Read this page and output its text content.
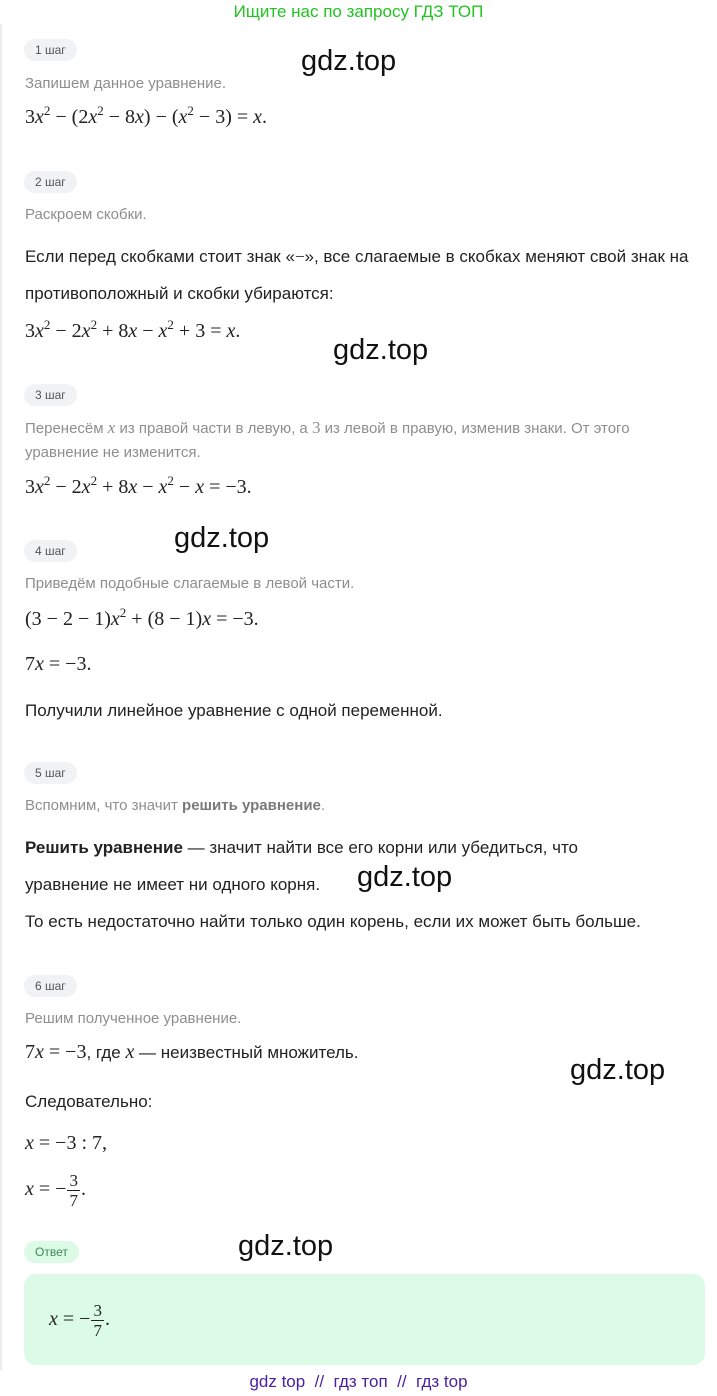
Ищите нас по запросу ГДЗ ТОП
1 шаг
Запишем данное уравнение.
$3x^2 - (2x^2 - 8x) - (x^2 - 3) = x$.
gdz.top
2 шаг
Раскроем скобки.
Если перед скобками стоит знак «−», все слагаемые в скобках меняют свой знак на противоположный и скобки убираются:
$3x^2 - 2x^2 + 8x - x^2 + 3 = x$.
gdz.top
3 шаг
Перенесём x из правой части в левую, а 3 из левой в правую, изменив знаки. От этого уравнение не изменится.
$3x^2 - 2x^2 + 8x - x^2 - x = -3$.
gdz.top
4 шаг
Приведём подобные слагаемые в левой части.
$(3 - 2 - 1)x^2 + (8 - 1)x = -3$.
7x = −3.
Получили линейное уравнение с одной переменной.
5 шаг
Вспомним, что значит решить уравнение.
Решить уравнение — значит найти все его корни или убедиться, что уравнение не имеет ни одного корня.	gdz.top
То есть недостаточно найти только один корень, если их может быть больше.
6 шаг
Решим полученное уравнение.
7x = −3, где x — неизвестный множитель.
gdz.top
Следовательно:
x = −3 : 7,
x = − $\frac{3}{7}$ .
Ответ	gdz.top
x = − $\frac{3}{7}$ .
gdz top  //  гдз топ  //  гдз top
